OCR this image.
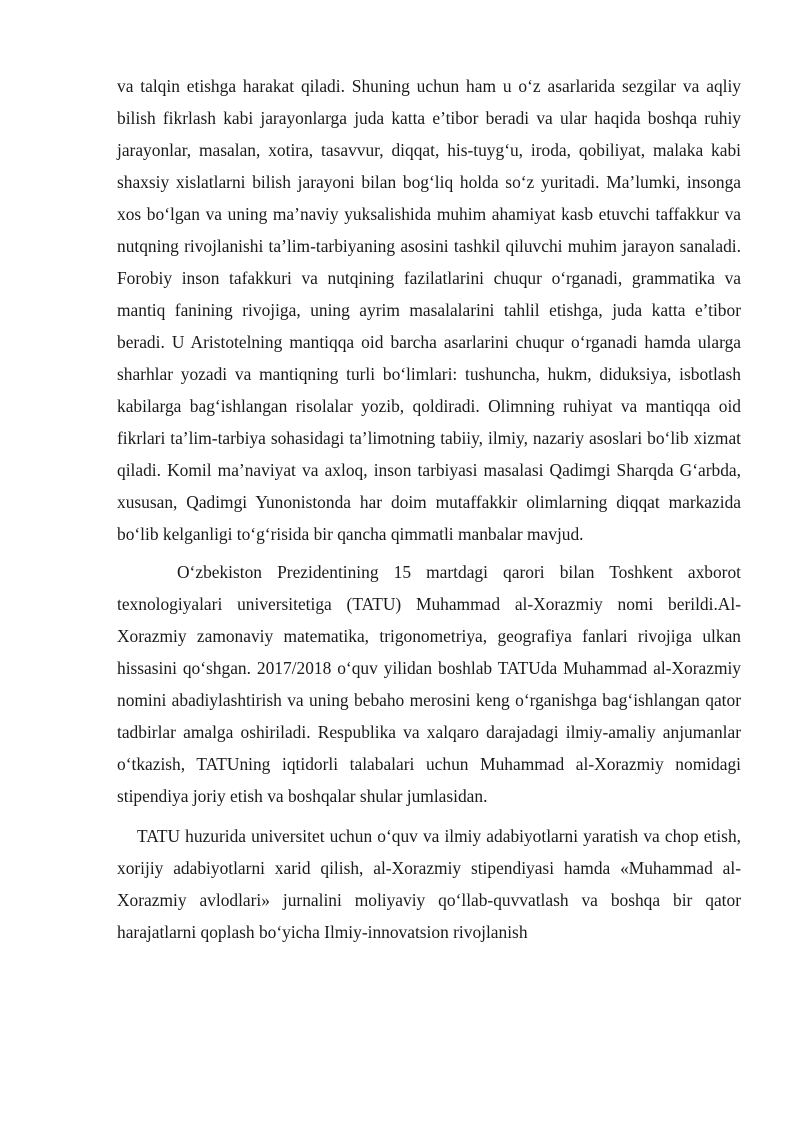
va talqin etishga harakat qiladi. Shuning uchun ham u o‘z asarlarida sezgilar va aqliy bilish fikrlash kabi jarayonlarga juda katta e’tibor beradi va ular haqida boshqa ruhiy jarayonlar, masalan, xotira, tasavvur, diqqat, his-tuyg‘u, iroda, qobiliyat, malaka kabi shaxsiy xislatlarni bilish jarayoni bilan bog‘liq holda so‘z yuritadi. Ma’lumki, insonga xos bo‘lgan va uning ma’naviy yuksalishida muhim ahamiyat kasb etuvchi taffakkur va nutqning rivojlanishi ta’lim-tarbiyaning asosini tashkil qiluvchi muhim jarayon sanaladi. Forobiy inson tafakkuri va nutqining fazilatlarini chuqur o‘rganadi, grammatika va mantiq fanining rivojiga, uning ayrim masalalarini tahlil etishga, juda katta e’tibor beradi. U Aristotelning mantiqqa oid barcha asarlarini chuqur o‘rganadi hamda ularga sharhlar yozadi va mantiqning turli bo‘limlari: tushuncha, hukm, diduksiya, isbotlash kabilarga bag‘ishlangan risolalar yozib, qoldiradi. Olimning ruhiyat va mantiqqa oid fikrlari ta’lim-tarbiya sohasidagi ta’limotning tabiiy, ilmiy, nazariy asoslari bo‘lib xizmat qiladi. Komil ma’naviyat va axloq, inson tarbiyasi masalasi Qadimgi Sharqda G‘arbda, xususan, Qadimgi Yunonistonda har doim mutaffakkir olimlarning diqqat markazida bo‘lib kelganligi to‘g‘risida bir qancha qimmatli manbalar mavjud.

O‘zbekiston Prezidentining 15 martdagi qarori bilan Toshkent axborot texnologiyalari universitetiga (TATU) Muhammad al-Xorazmiy nomi berildi.Al-Xorazmiy zamonaviy matematika, trigonometriya, geografiya fanlari rivojiga ulkan hissasini qo‘shgan. 2017/2018 o‘quv yilidan boshlab TATUda Muhammad al-Xorazmiy nomini abadiylashtirish va uning bebaho merosini keng o‘rganishga bag‘ishlangan qator tadbirlar amalga oshiriladi. Respublika va xalqaro darajadagi ilmiy-amaliy anjumanlar o‘tkazish, TATUning iqtidorli talabalari uchun Muhammad al-Xorazmiy nomidagi stipendiya joriy etish va boshqalar shular jumlasidan.

TATU huzurida universitet uchun o‘quv va ilmiy adabiyotlarni yaratish va chop etish, xorijiy adabiyotlarni xarid qilish, al-Xorazmiy stipendiyasi hamda «Muhammad al-Xorazmiy avlodlari» jurnalini moliyaviy qo‘llab-quvvatlash va boshqa bir qator harajatlarni qoplash bo‘yicha Ilmiy-innovatsion rivojlanish
